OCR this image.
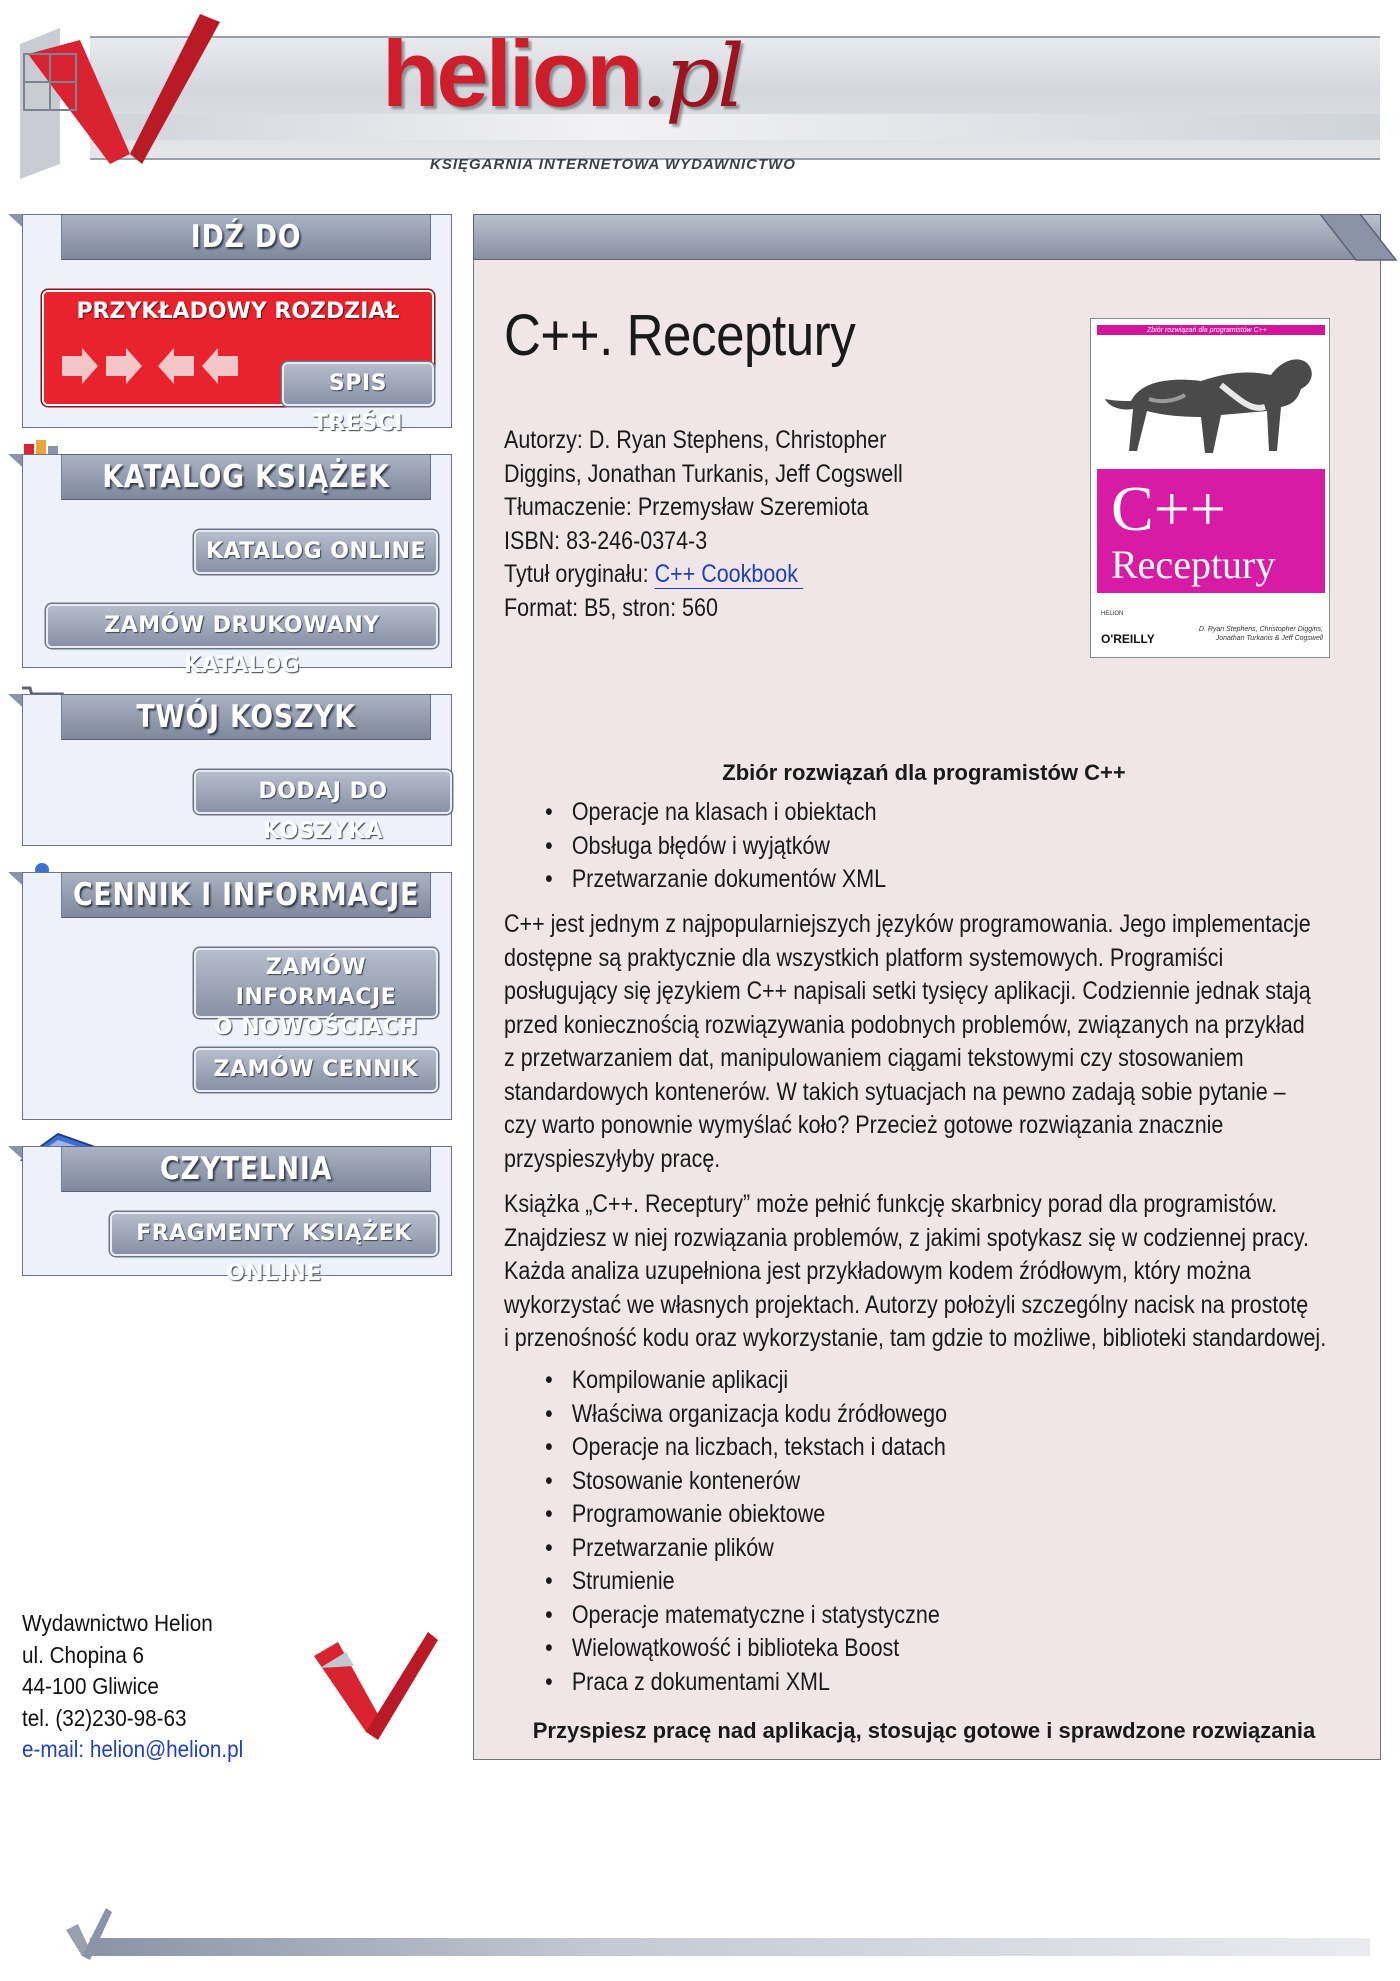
helion.pl
KSIĘGARNIA INTERNETOWA WYDAWNICTWO
IDŹ DO
PRZYKŁADOWY ROZDZIAŁ
SPIS TREŚCI
KATALOG KSIĄŻEK
KATALOG ONLINE
ZAMÓW DRUKOWANY KATALOG
TWÓJ KOSZYK
DODAJ DO KOSZYKA
CENNIK I INFORMACJE
ZAMÓW INFORMACJE
O NOWOŚCIACH
ZAMÓW CENNIK
CZYTELNIA
FRAGMENTY KSIĄŻEK ONLINE
Wydawnictwo Helion
ul. Chopina 6
44-100 Gliwice
tel. (32)230-98-63
e-mail: helion@helion.pl
C++. Receptury
Autorzy: D. Ryan Stephens, Christopher
Diggins, Jonathan Turkanis, Jeff Cogswell
Tłumaczenie: Przemysław Szeremiota
ISBN: 83-246-0374-3
Tytuł oryginału: C++ Cookbook
Format: B5, stron: 560
Zbiór rozwiązań dla programistów C++
C++
Receptury
HELION
O'REILLY
D. Ryan Stephens, Christopher Diggins, Jonathan Turkanis & Jeff Cogswell
Zbiór rozwiązań dla programistów C++
• Operacje na klasach i obiektach
• Obsługa błędów i wyjątków
• Przetwarzanie dokumentów XML
C++ jest jednym z najpopularniejszych języków programowania. Jego implementacje
dostępne są praktycznie dla wszystkich platform systemowych. Programiści
posługujący się językiem C++ napisali setki tysięcy aplikacji. Codziennie jednak stają
przed koniecznością rozwiązywania podobnych problemów, związanych na przykład
z przetwarzaniem dat, manipulowaniem ciągami tekstowymi czy stosowaniem
standardowych kontenerów. W takich sytuacjach na pewno zadają sobie pytanie –
czy warto ponownie wymyślać koło? Przecież gotowe rozwiązania znacznie
przyspieszyłyby pracę.
Książka „C++. Receptury” może pełnić funkcję skarbnicy porad dla programistów.
Znajdziesz w niej rozwiązania problemów, z jakimi spotykasz się w codziennej pracy.
Każda analiza uzupełniona jest przykładowym kodem źródłowym, który można
wykorzystać we własnych projektach. Autorzy położyli szczególny nacisk na prostotę
i przenośność kodu oraz wykorzystanie, tam gdzie to możliwe, biblioteki standardowej.
• Kompilowanie aplikacji
• Właściwa organizacja kodu źródłowego
• Operacje na liczbach, tekstach i datach
• Stosowanie kontenerów
• Programowanie obiektowe
• Przetwarzanie plików
• Strumienie
• Operacje matematyczne i statystyczne
• Wielowątkowość i biblioteka Boost
• Praca z dokumentami XML
Przyspiesz pracę nad aplikacją, stosując gotowe i sprawdzone rozwiązania
